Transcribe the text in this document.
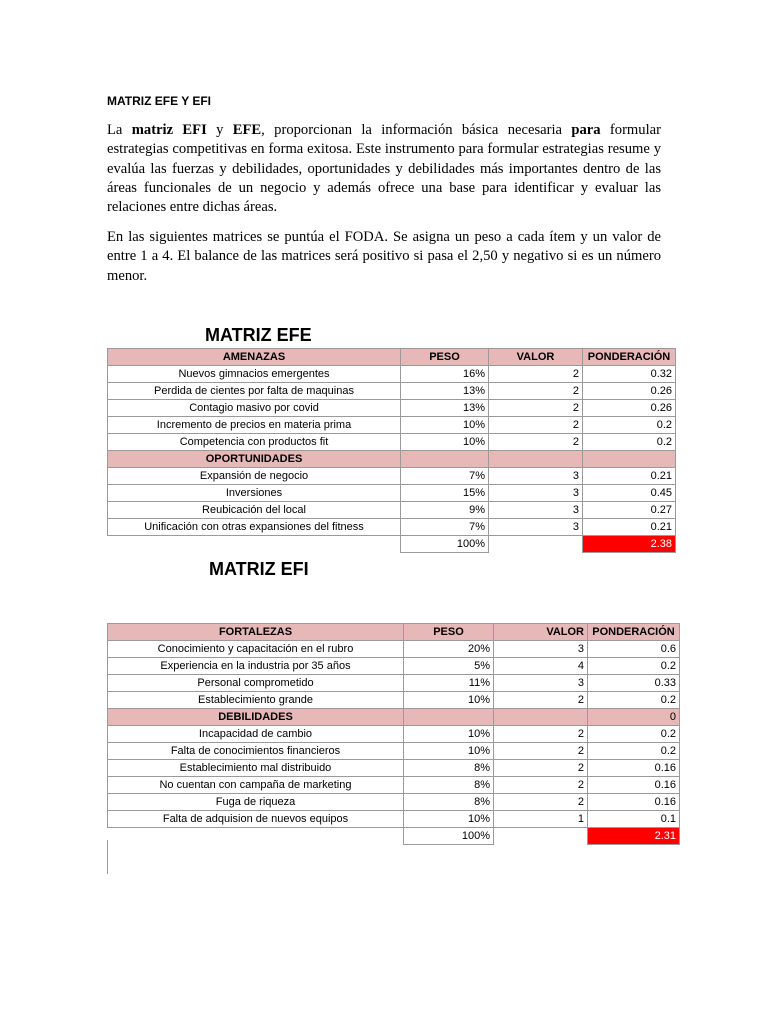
MATRIZ EFE Y EFI
La matriz EFI y EFE, proporcionan la información básica necesaria para formular estrategias competitivas en forma exitosa. Este instrumento para formular estrategias resume y evalúa las fuerzas y debilidades, oportunidades y debilidades más importantes dentro de las áreas funcionales de un negocio y además ofrece una base para identificar y evaluar las relaciones entre dichas áreas.
En las siguientes matrices se puntúa el FODA. Se asigna un peso a cada ítem y un valor de entre 1 a 4. El balance de las matrices será positivo si pasa el 2,50 y negativo si es un número menor.
MATRIZ EFE
AMENAZAS	PESO	VALOR	PONDERACIÓN
Nuevos gimnacios emergentes	16%	2	0.32
Perdida de cientes por falta de maquinas	13%	2	0.26
Contagio masivo por covid	13%	2	0.26
Incremento de precios en materia prima	10%	2	0.2
Competencia con productos fit	10%	2	0.2
OPORTUNIDADES			
Expansión de negocio	7%	3	0.21
Inversiones	15%	3	0.45
Reubicación del local	9%	3	0.27
Unificación con otras expansiones del fitness	7%	3	0.21
	100%		2.38
MATRIZ EFI
FORTALEZAS	PESO	VALOR	PONDERACIÓN
Conocimiento y capacitación en el rubro	20%	3	0.6
Experiencia en la industria por 35 años	5%	4	0.2
Personal comprometido	11%	3	0.33
Establecimiento grande	10%	2	0.2
DEBILIDADES			0
Incapacidad de cambio	10%	2	0.2
Falta de conocimientos financieros	10%	2	0.2
Establecimiento mal distribuido	8%	2	0.16
No cuentan con campaña de marketing	8%	2	0.16
Fuga de riqueza	8%	2	0.16
Falta de adquision de nuevos equipos	10%	1	0.1
	100%		2.31
